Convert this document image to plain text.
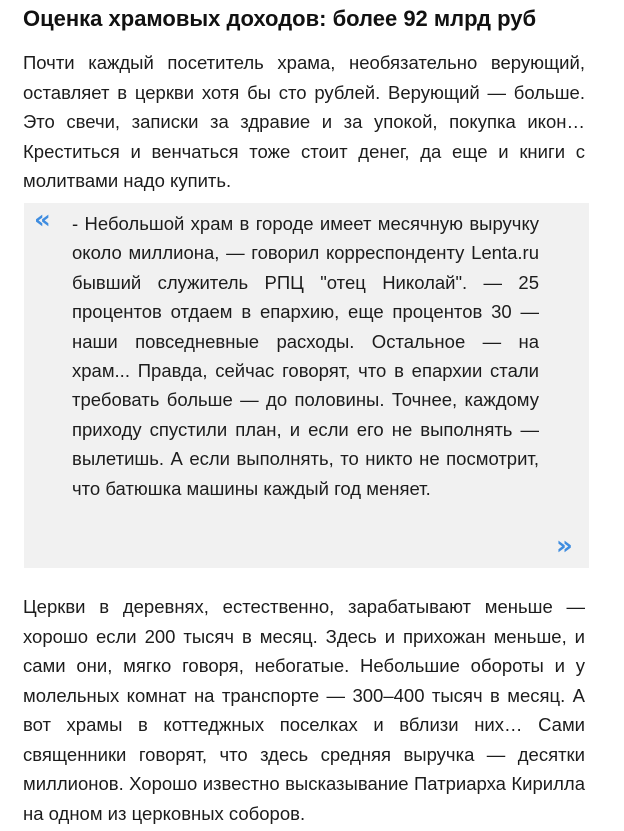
Оценка храмовых доходов: более 92 млрд руб

Почти каждый посетитель храма, необязательно верующий, оставляет в церкви хотя бы сто рублей. Верующий — больше. Это свечи, записки за здравие и за упокой, покупка икон… Креститься и венчаться тоже стоит денег, да еще и книги с молитвами надо купить.

« - Небольшой храм в городе имеет месячную выручку около миллиона, — говорил корреспонденту Lenta.ru бывший служитель РПЦ "отец Николай". — 25 процентов отдаем в епархию, еще процентов 30 — наши повседневные расходы. Остальное — на храм... Правда, сейчас говорят, что в епархии стали требовать больше — до половины. Точнее, каждому приходу спустили план, и если его не выполнять — вылетишь. А если выполнять, то никто не посмотрит, что батюшка машины каждый год меняет.

»

Церкви в деревнях, естественно, зарабатывают меньше — хорошо если 200 тысяч в месяц. Здесь и прихожан меньше, и сами они, мягко говоря, небогатые. Небольшие обороты и у молельных комнат на транспорте — 300–400 тысяч в месяц. А вот храмы в коттеджных поселках и вблизи них… Сами священники говорят, что здесь средняя выручка — десятки миллионов. Хорошо известно высказывание Патриарха Кирилла на одном из церковных соборов.
